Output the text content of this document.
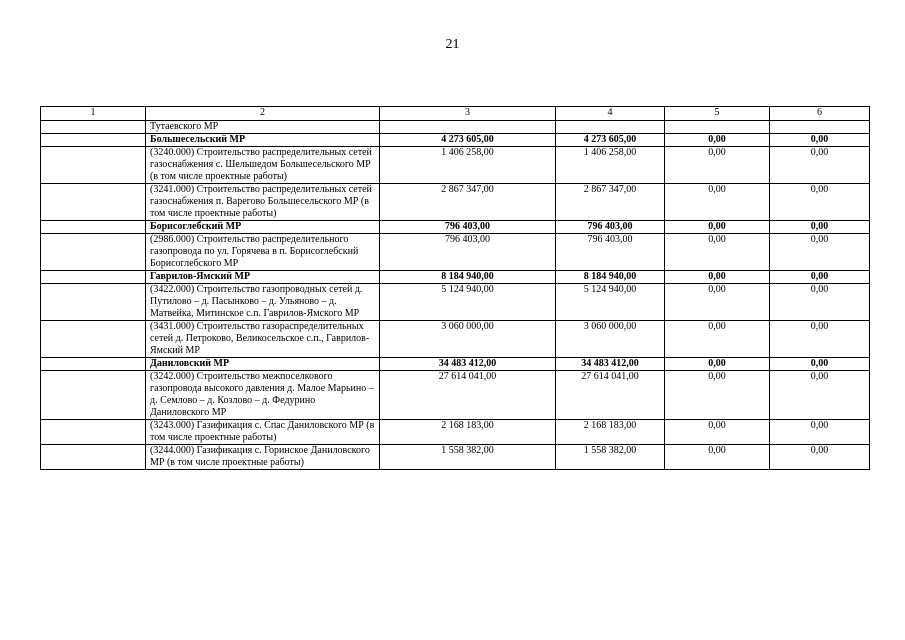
21
1	2	3	4	5	6
	Тутаевского МР				
	Большесельский МР	4 273 605,00	4 273 605,00	0,00	0,00
	(3240.000) Строительство распределительных сетей газоснабжения с. Шельшедом Большесельского МР (в том числе проектные работы)	1 406 258,00	1 406 258,00	0,00	0,00
	(3241.000) Строительство распределительных сетей газоснабжения п. Варегово Большесельского МР (в том числе проектные работы)	2 867 347,00	2 867 347,00	0,00	0,00
	Борисоглебский МР	796 403,00	796 403,00	0,00	0,00
	(2986.000) Строительство распределительного газопровода по ул. Горячева в п. Борисоглебский Борисоглебского МР	796 403,00	796 403,00	0,00	0,00
	Гаврилов-Ямский МР	8 184 940,00	8 184 940,00	0,00	0,00
	(3422.000) Строительство газопроводных сетей д. Путилово – д. Пасынково – д. Ульяново – д. Матвейка, Митинское с.п. Гаврилов-Ямского МР	5 124 940,00	5 124 940,00	0,00	0,00
	(3431.000) Строительство газораспределительных сетей д. Петроково, Великосельское с.п., Гаврилов-Ямский МР	3 060 000,00	3 060 000,00	0,00	0,00
	Даниловский МР	34 483 412,00	34 483 412,00	0,00	0,00
	(3242.000) Строительство межпоселкового газопровода высокого давления д. Малое Марьино – д. Семлово – д. Козлово – д. Федурино Даниловского МР	27 614 041,00	27 614 041,00	0,00	0,00
	(3243.000) Газификация с. Спас Даниловского МР (в том числе проектные работы)	2 168 183,00	2 168 183,00	0,00	0,00
	(3244.000) Газификация с. Горинское Даниловского МР (в том числе проектные работы)	1 558 382,00	1 558 382,00	0,00	0,00
